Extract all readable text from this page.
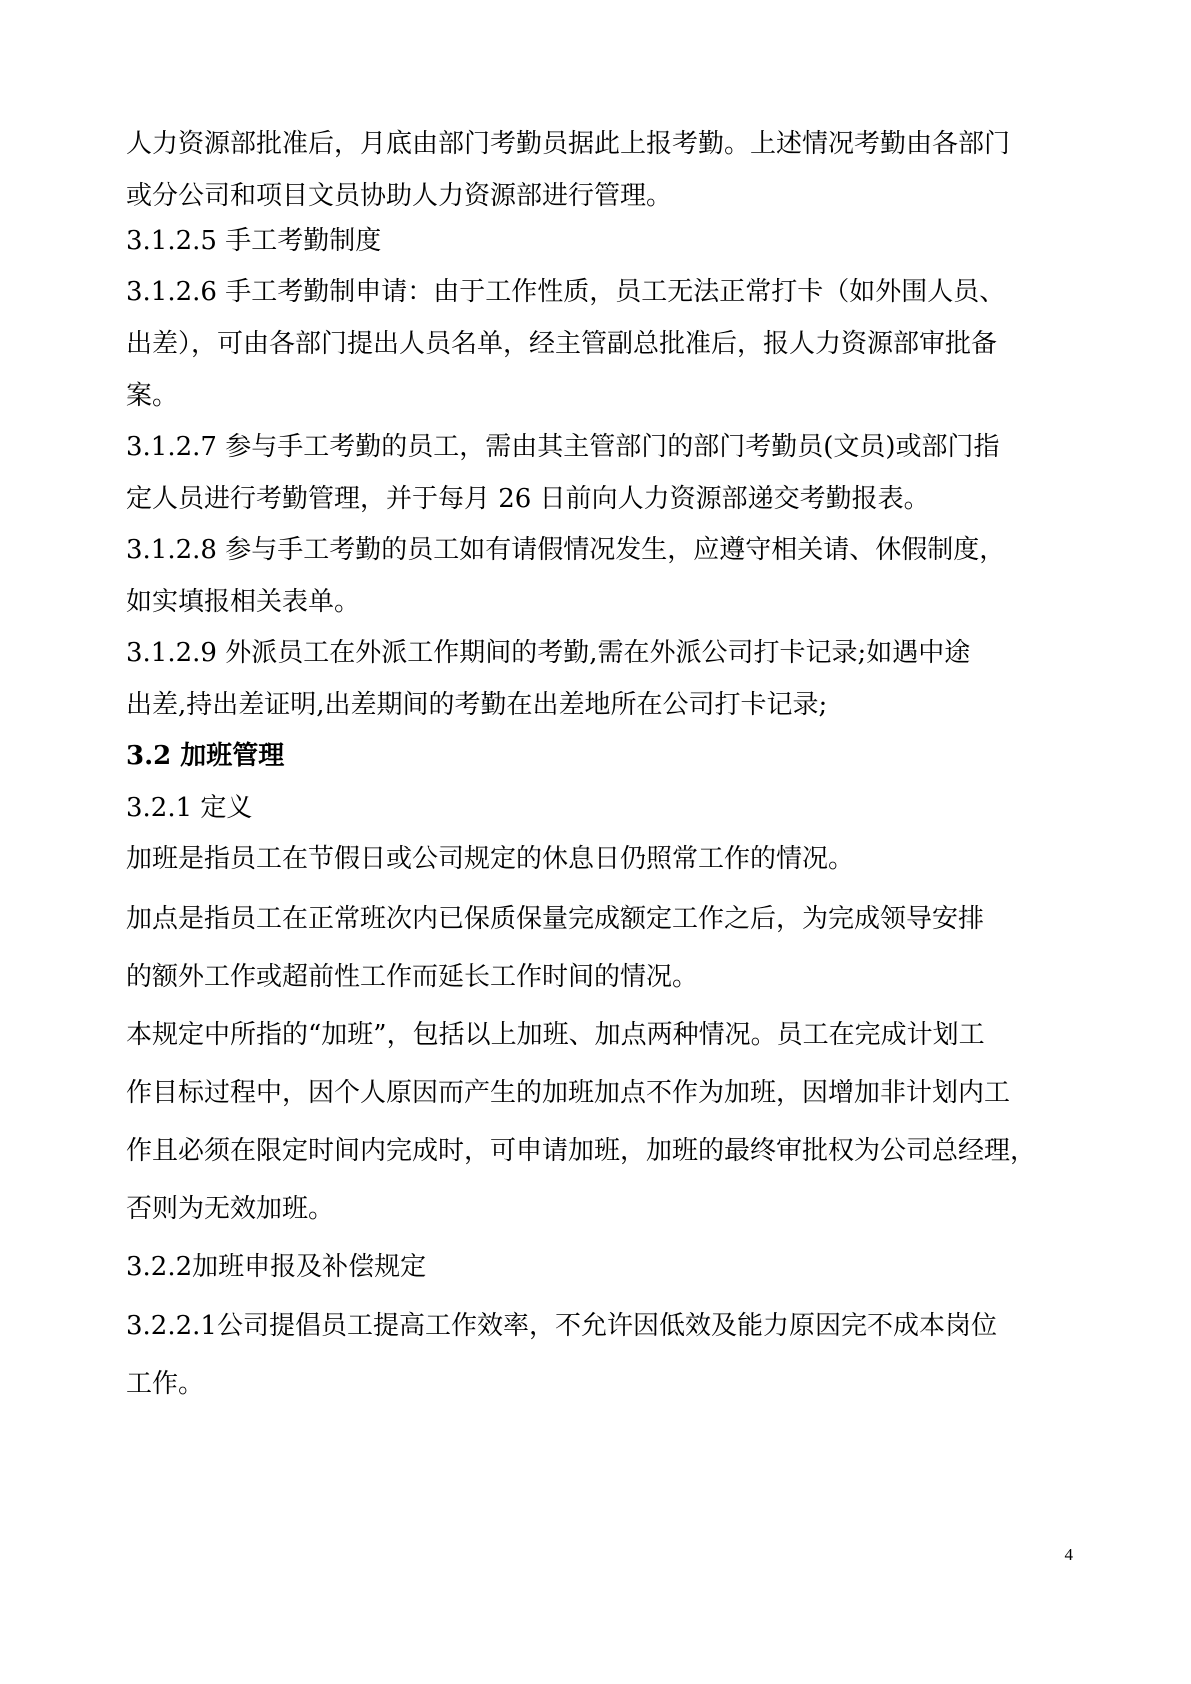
人力资源部批准后，月底由部门考勤员据此上报考勤。上述情况考勤由各部门

或分公司和项目文员协助人力资源部进行管理。

3.1.2.5 手工考勤制度

3.1.2.6 手工考勤制申请：由于工作性质，员工无法正常打卡（如外围人员、

出差），可由各部门提出人员名单，经主管副总批准后，报人力资源部审批备

案。

3.1.2.7 参与手工考勤的员工，需由其主管部门的部门考勤员(文员)或部门指

定人员进行考勤管理，并于每月 26 日前向人力资源部递交考勤报表。

3.1.2.8 参与手工考勤的员工如有请假情况发生，应遵守相关请、休假制度，

如实填报相关表单。

3.1.2.9 外派员工在外派工作期间的考勤,需在外派公司打卡记录;如遇中途

出差,持出差证明,出差期间的考勤在出差地所在公司打卡记录;

3.2 加班管理

3.2.1 定义

加班是指员工在节假日或公司规定的休息日仍照常工作的情况。

加点是指员工在正常班次内已保质保量完成额定工作之后，为完成领导安排

的额外工作或超前性工作而延长工作时间的情况。

本规定中所指的“加班”，包括以上加班、加点两种情况。员工在完成计划工

作目标过程中，因个人原因而产生的加班加点不作为加班，因增加非计划内工

作且必须在限定时间内完成时，可申请加班，加班的最终审批权为公司总经理，

否则为无效加班。

3.2.2加班申报及补偿规定

3.2.2.1公司提倡员工提高工作效率，不允许因低效及能力原因完不成本岗位

工作。

4
